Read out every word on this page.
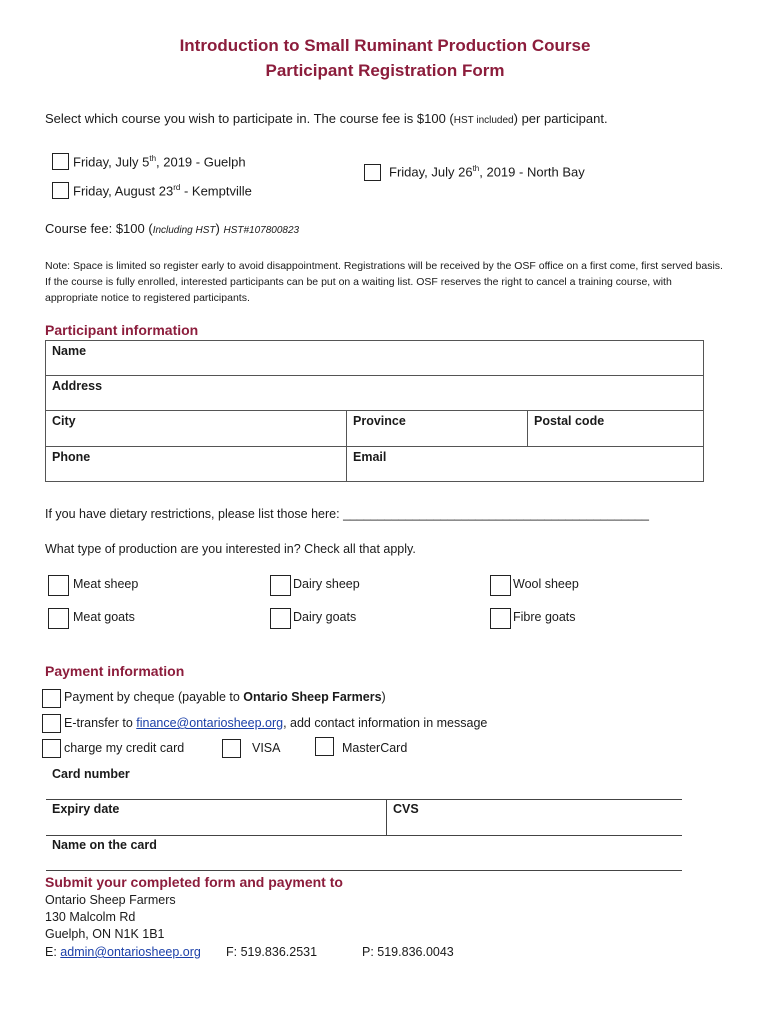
Introduction to Small Ruminant Production Course
Participant Registration Form
Select which course you wish to participate in. The course fee is $100 (HST included) per participant.
Friday, July 5th, 2019 - Guelph
Friday, August 23rd - Kemptville
Friday, July 26th, 2019 - North Bay
Course fee: $100 (Including HST) HST#107800823
Note: Space is limited so register early to avoid disappointment. Registrations will be received by the OSF office on a first come, first served basis. If the course is fully enrolled, interested participants can be put on a waiting list. OSF reserves the right to cancel a training course, with appropriate notice to registered participants.
Participant information
Name		
Address		
City	Province	Postal code
Phone	Email	
If you have dietary restrictions, please list those here: ____________________________________________
What type of production are you interested in? Check all that apply.
Meat sheep	Dairy sheep	Wool sheep
Meat goats	Dairy goats	Fibre goats
Payment information
Payment by cheque (payable to Ontario Sheep Farmers)
E-transfer to finance@ontariosheep.org, add contact information in message
charge my credit card	VISA	MasterCard
Card number
Expiry date	CVS
Name on the card
Submit your completed form and payment to
Ontario Sheep Farmers
130 Malcolm Rd
Guelph, ON N1K 1B1
E: admin@ontariosheep.org F: 519.836.2531	P: 519.836.0043
